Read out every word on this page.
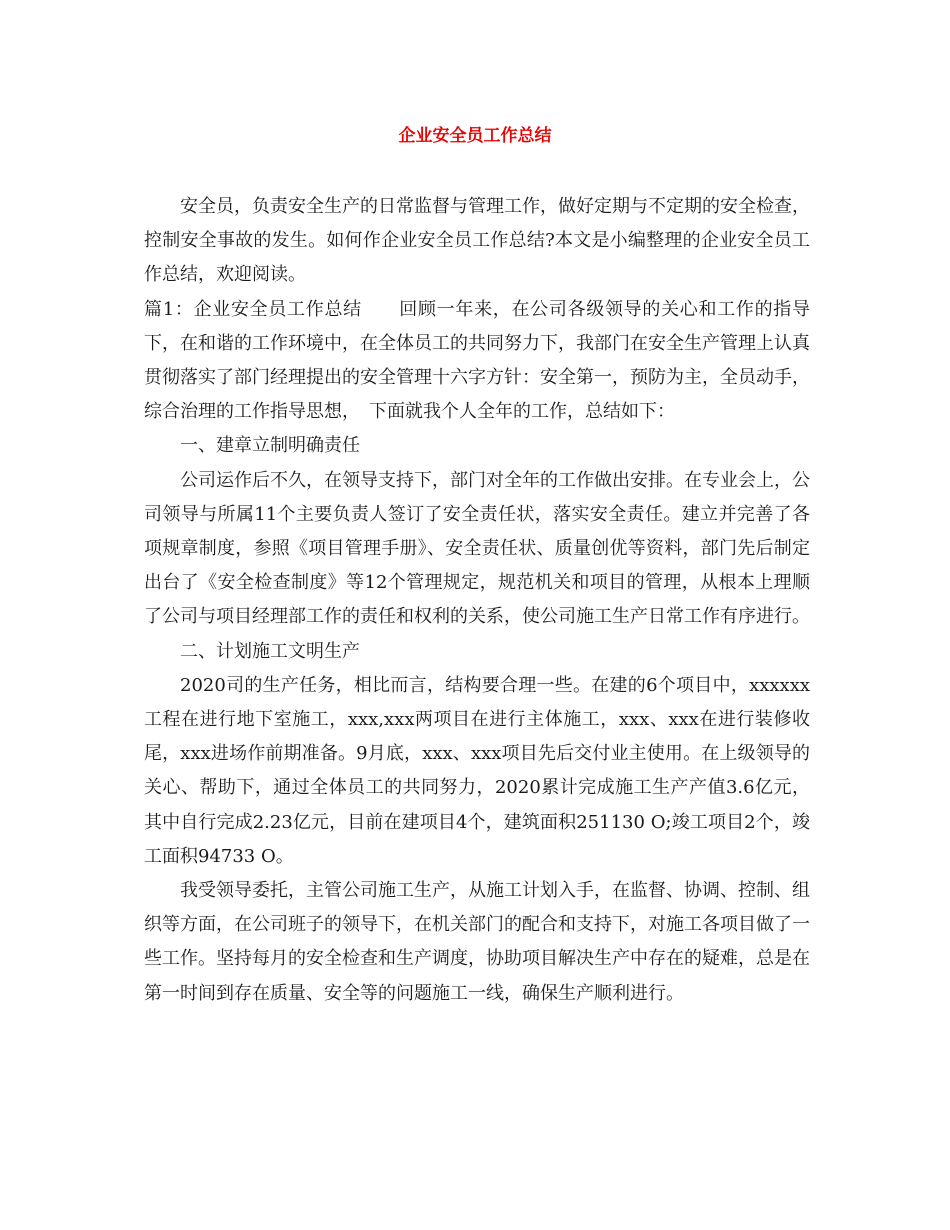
企业安全员工作总结

安全员，负责安全生产的日常监督与管理工作，做好定期与不定期的安全检查，控制安全事故的发生。如何作企业安全员工作总结?本文是小编整理的企业安全员工作总结，欢迎阅读。

篇1：企业安全员工作总结　　回顾一年来，在公司各级领导的关心和工作的指导下，在和谐的工作环境中，在全体员工的共同努力下，我部门在安全生产管理上认真贯彻落实了部门经理提出的安全管理十六字方针：安全第一，预防为主，全员动手，综合治理的工作指导思想，　下面就我个人全年的工作，总结如下：

一、建章立制明确责任

公司运作后不久，在领导支持下，部门对全年的工作做出安排。在专业会上，公司领导与所属11个主要负责人签订了安全责任状，落实安全责任。建立并完善了各项规章制度，参照《项目管理手册》、安全责任状、质量创优等资料，部门先后制定出台了《安全检查制度》等12个管理规定，规范机关和项目的管理，从根本上理顺了公司与项目经理部工作的责任和权利的关系，使公司施工生产日常工作有序进行。

二、计划施工文明生产

2020司的生产任务，相比而言，结构要合理一些。在建的6个项目中，xxxxxx工程在进行地下室施工，xxx,xxx两项目在进行主体施工，xxx、xxx在进行装修收尾，xxx进场作前期准备。9月底，xxx、xxx项目先后交付业主使用。在上级领导的关心、帮助下，通过全体员工的共同努力，2020累计完成施工生产产值3.6亿元，其中自行完成2.23亿元，目前在建项目4个，建筑面积251130 O;竣工项目2个，竣工面积94733 O。

我受领导委托，主管公司施工生产，从施工计划入手，在监督、协调、控制、组织等方面，在公司班子的领导下，在机关部门的配合和支持下，对施工各项目做了一些工作。坚持每月的安全检查和生产调度，协助项目解决生产中存在的疑难，总是在第一时间到存在质量、安全等的问题施工一线，确保生产顺利进行。
